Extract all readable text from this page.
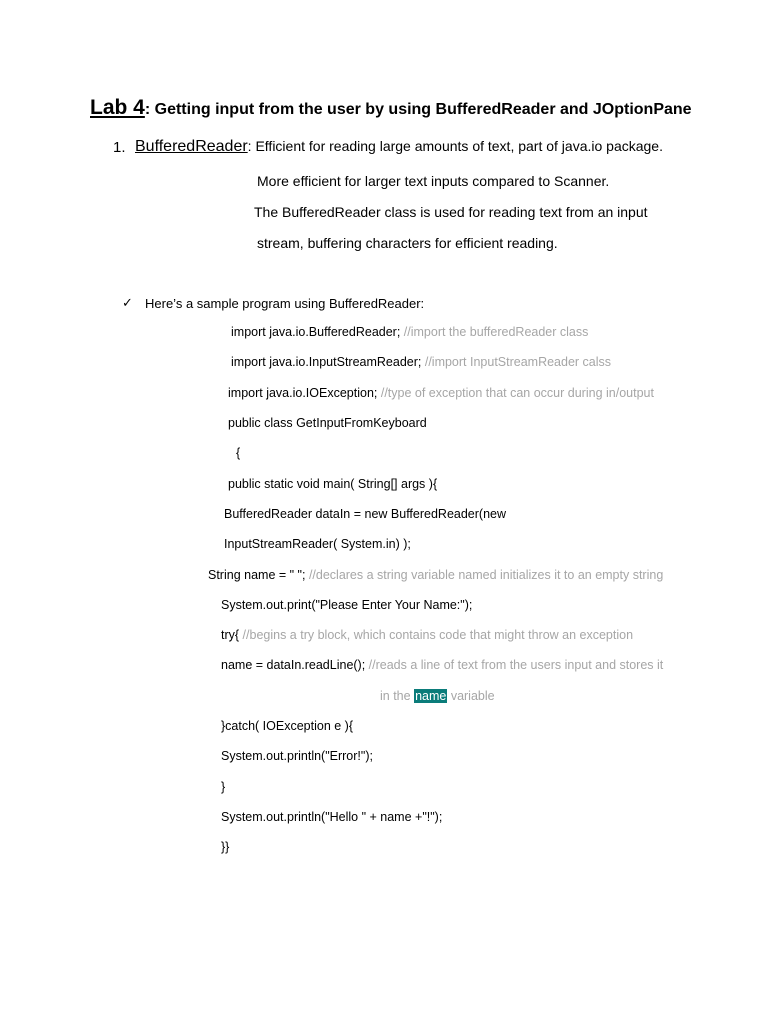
Lab 4: Getting input from the user by using BufferedReader and JOptionPane
1. BufferedReader: Efficient for reading large amounts of text, part of java.io package.
More efficient for larger text inputs compared to Scanner.
The BufferedReader class is used for reading text from an input
stream, buffering characters for efficient reading.
✓ Here’s a sample program using BufferedReader:
import java.io.BufferedReader; //import the bufferedReader class
import java.io.InputStreamReader; //import InputStreamReader calss
import java.io.IOException; //type of exception that can occur during in/output
public class GetInputFromKeyboard
{
public static void main( String[] args ){
BufferedReader dataIn = new BufferedReader(new
InputStreamReader( System.in) );
String name = " "; //declares a string variable named initializes it to an empty string
System.out.print("Please Enter Your Name:");
try{ //begins a try block, which contains code that might throw an exception
name = dataIn.readLine(); //reads a line of text from the users input and stores it
in the name variable
}catch( IOException e ){
System.out.println("Error!");
}
System.out.println("Hello " + name +"!");
}}
